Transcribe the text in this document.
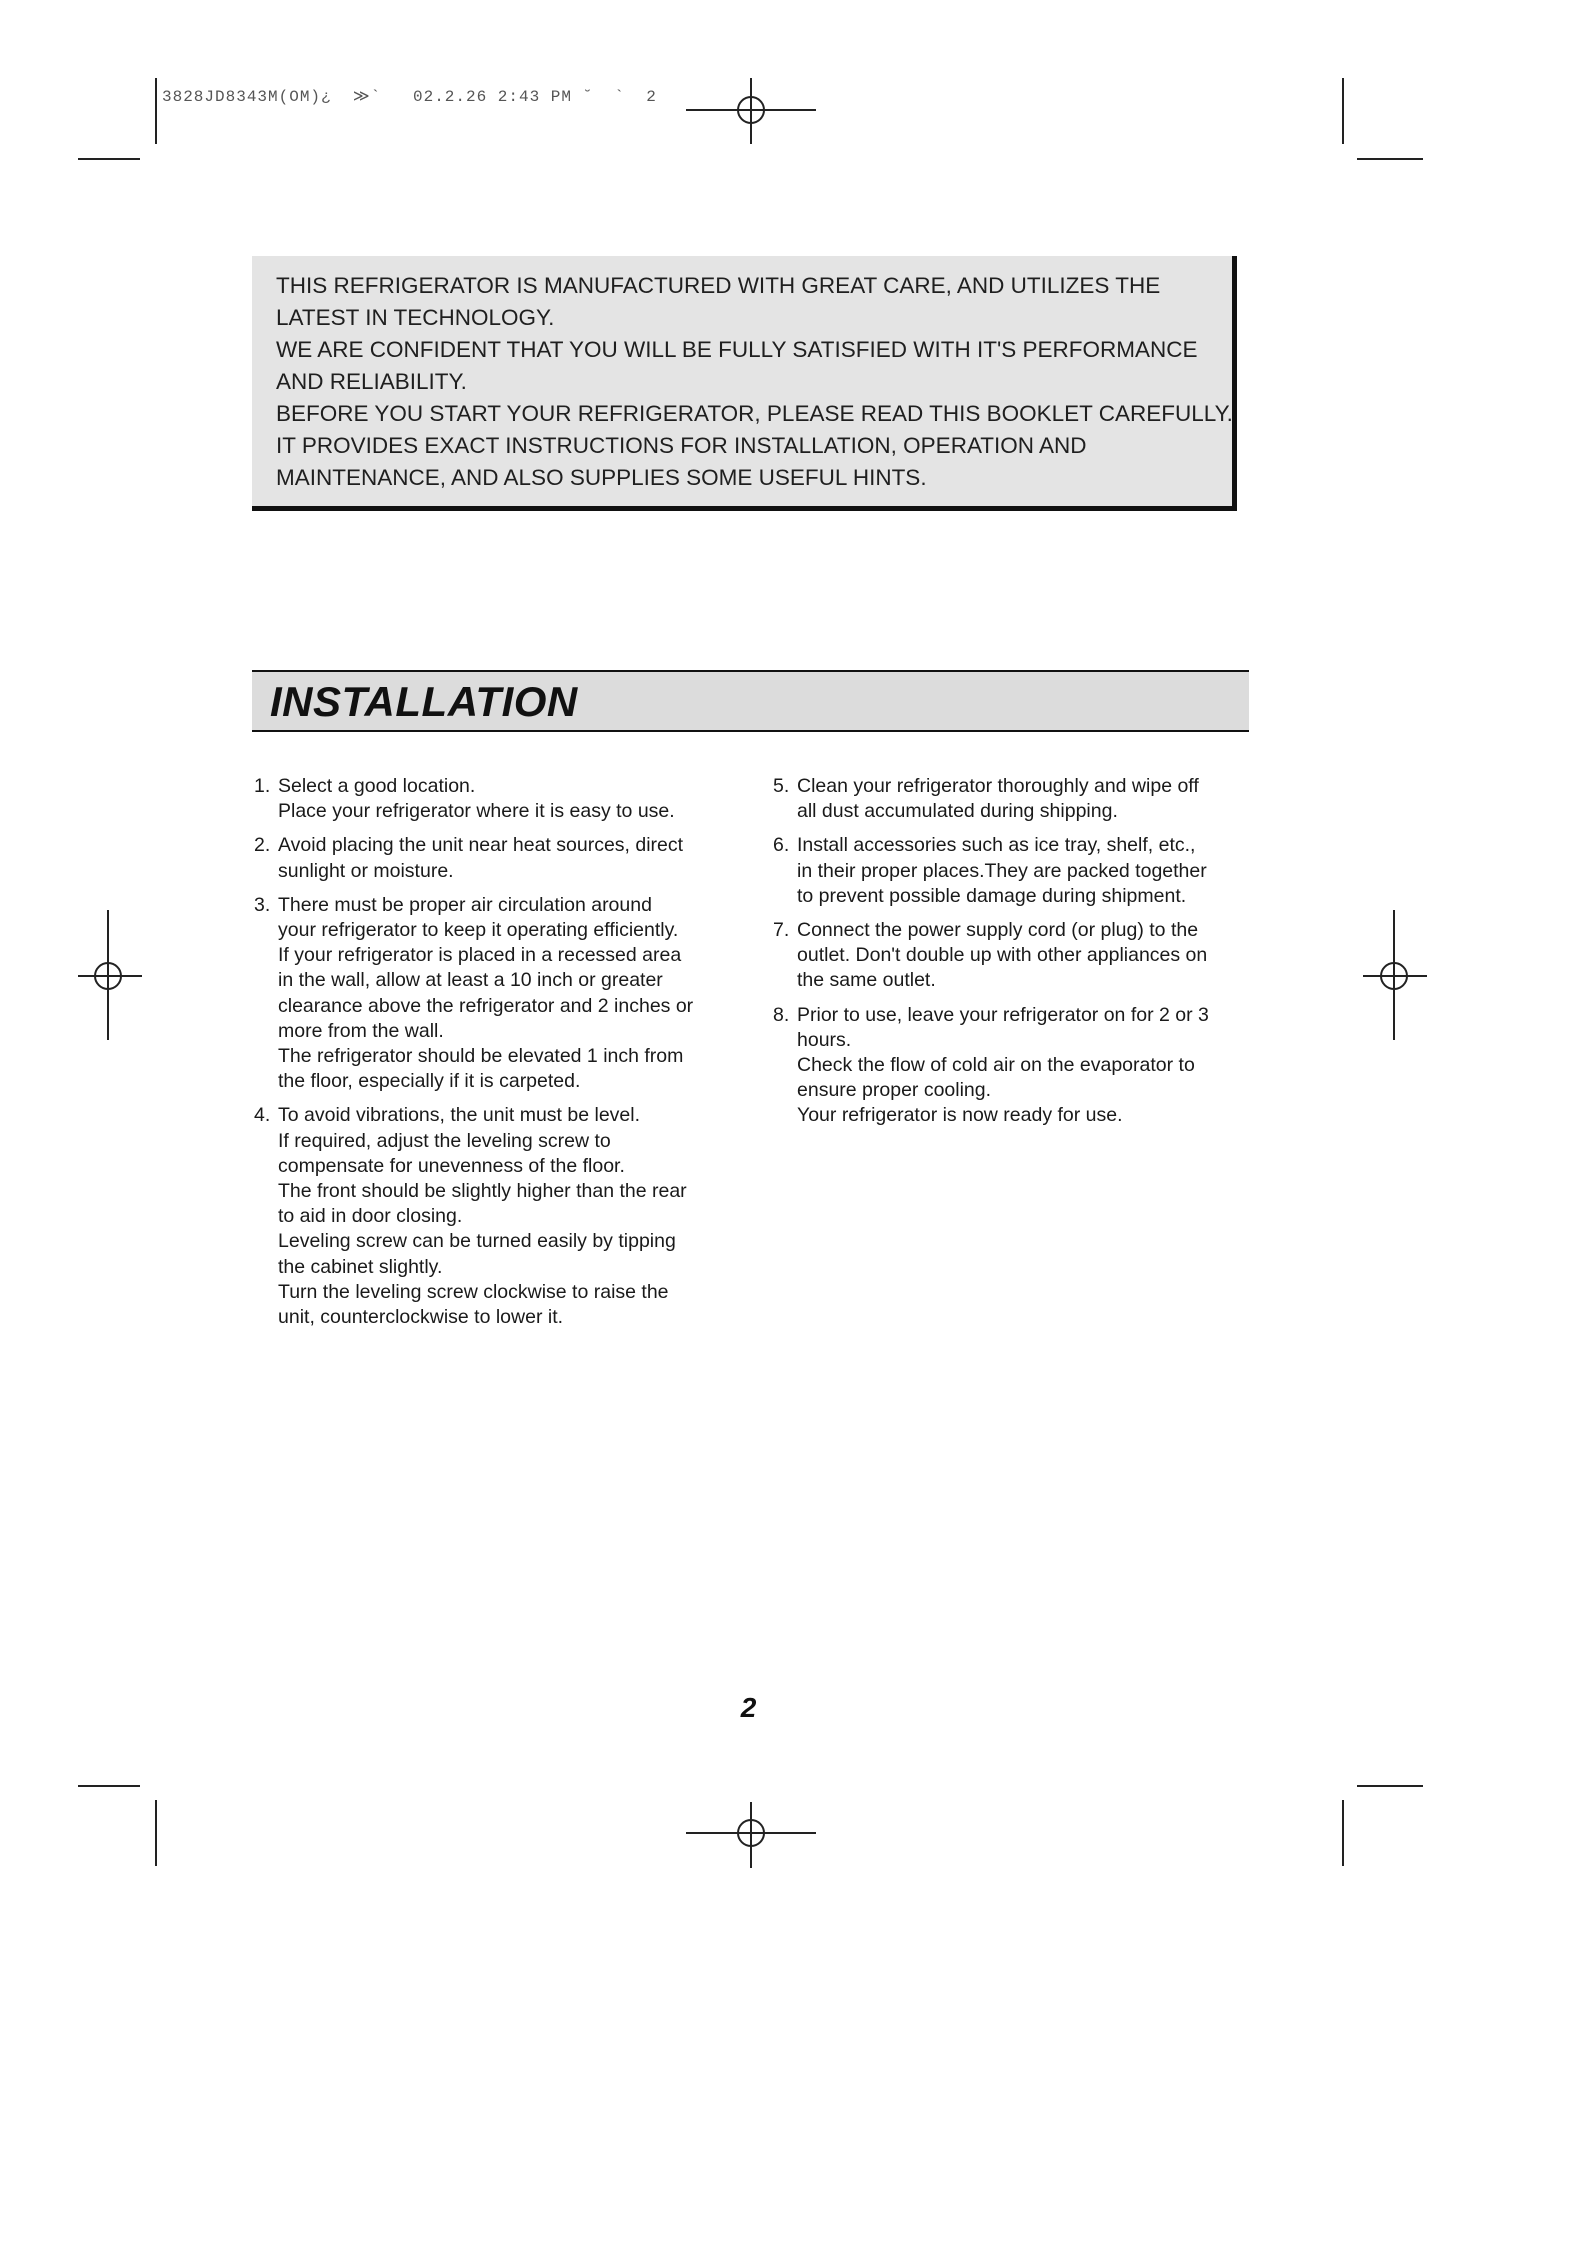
3828JD8343M(OM)¿  ≫`   02.2.26 2:43 PM ˘  `  2
THIS REFRIGERATOR IS MANUFACTURED WITH GREAT CARE, AND UTILIZES THE
LATEST IN TECHNOLOGY.
WE ARE CONFIDENT THAT YOU WILL BE FULLY SATISFIED WITH IT'S PERFORMANCE
AND RELIABILITY.
BEFORE YOU START YOUR REFRIGERATOR, PLEASE READ THIS BOOKLET CAREFULLY.
IT PROVIDES EXACT INSTRUCTIONS FOR INSTALLATION, OPERATION AND
MAINTENANCE, AND ALSO SUPPLIES SOME USEFUL HINTS.
INSTALLATION
1. Select a good location.
Place your refrigerator where it is easy to use.
2. Avoid placing the unit near heat sources, direct
sunlight or moisture.
3. There must be proper air circulation around
your refrigerator to keep it operating efficiently.
If your refrigerator is placed in a recessed area
in the wall, allow at least a 10 inch or greater
clearance above the refrigerator and 2 inches or
more from the wall.
The refrigerator should be elevated 1 inch from
the floor, especially if it is carpeted.
4. To avoid vibrations, the unit must be level.
If required, adjust the leveling screw to
compensate for unevenness of the floor.
The front should be slightly higher than the rear
to aid in door closing.
Leveling screw can be turned easily by tipping
the cabinet slightly.
Turn the leveling screw clockwise to raise the
unit, counterclockwise to lower it.
5. Clean your refrigerator thoroughly and wipe off
all dust accumulated during shipping.
6. Install accessories such as ice tray, shelf, etc.,
in their proper places.They are packed together
to prevent possible damage during shipment.
7. Connect the power supply cord (or plug) to the
outlet. Don't double up with other appliances on
the same outlet.
8. Prior to use, leave your refrigerator on for 2 or 3
hours.
Check the flow of cold air on the evaporator to
ensure proper cooling.
Your refrigerator is now ready for use.
2
